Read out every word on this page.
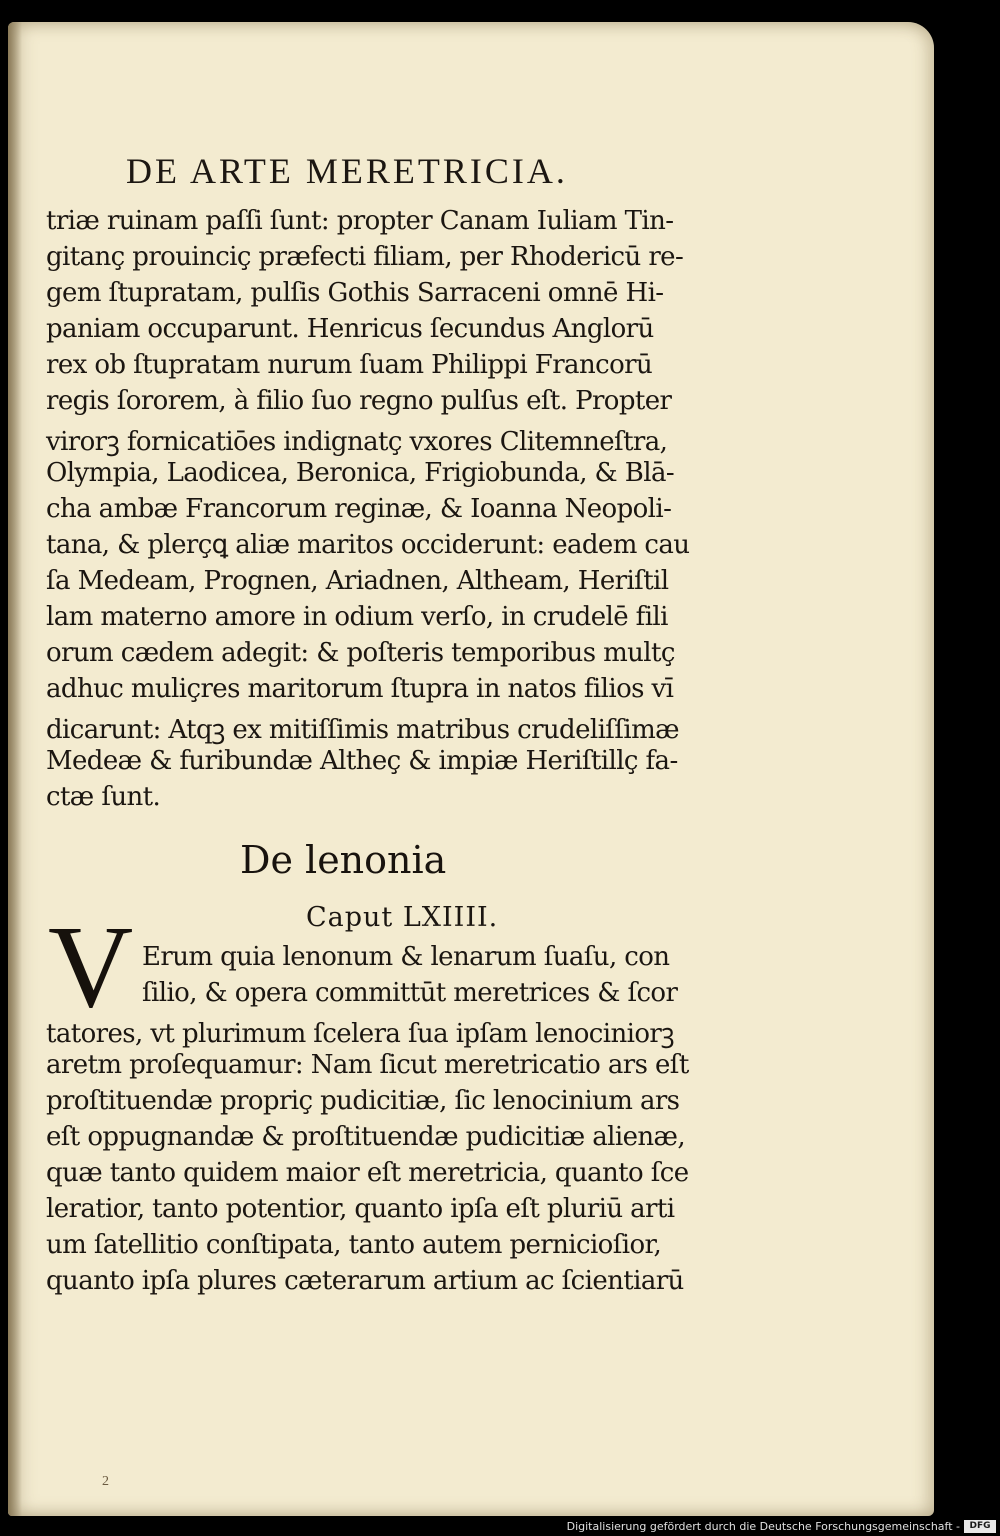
DE ARTE MERETRICIA.
triæ ruinam paſſi ſunt: propter Canam Iuliam Tin-
gitanç prouinciç præfecti filiam, per Rhodericū re-
gem ſtupratam, pulſis Gothis Sarraceni omnē Hi-
paniam occuparunt. Henricus ſecundus Anglorū
rex ob ſtupratam nurum ſuam Philippi Francorū
regis ſororem, à filio ſuo regno pulſus eſt. Propter
virorꝫ fornicatiōes indignatç vxores Clitemneſtra,
Olympia, Laodicea, Beronica, Frigiobunda, & Blā-
cha ambæ Francorum reginæ, & Ioanna Neopoli-
tana, & plerçꝗ aliæ maritos occiderunt: eadem cau
ſa Medeam, Prognen, Ariadnen, Altheam, Heriſtil
lam materno amore in odium verſo, in crudelē fili
orum cædem adegit: & poſteris temporibus multç
adhuc muliçres maritorum ſtupra in natos filios vī
dicarunt: Atqꝫ ex mitiſſimis matribus crudeliſſimæ
Medeæ & furibundæ Altheç & impiæ Heriſtillç fa-
ctæ ſunt.
De lenonia
Caput LXIIII.
V Erum quia lenonum & lenarum ſuaſu, con
ſilio, & opera committūt meretrices & ſcor
tatores, vt plurimum ſcelera ſua ipſam lenociniorꝫ
aretm proſequamur: Nam ſicut meretricatio ars eſt
proſtituendæ propriç pudicitiæ, ſic lenocinium ars
eſt oppugnandæ & proſtituendæ pudicitiæ alienæ,
quæ tanto quidem maior eſt meretricia, quanto ſce
leratior, tanto potentior, quanto ipſa eſt pluriū arti
um ſatellitio conſtipata, tanto autem pernicioſior,
quanto ipſa plures cæterarum artium ac ſcientiarū
2
Digitalisierung gefördert durch die Deutsche Forschungsgemeinschaft -	DFG
